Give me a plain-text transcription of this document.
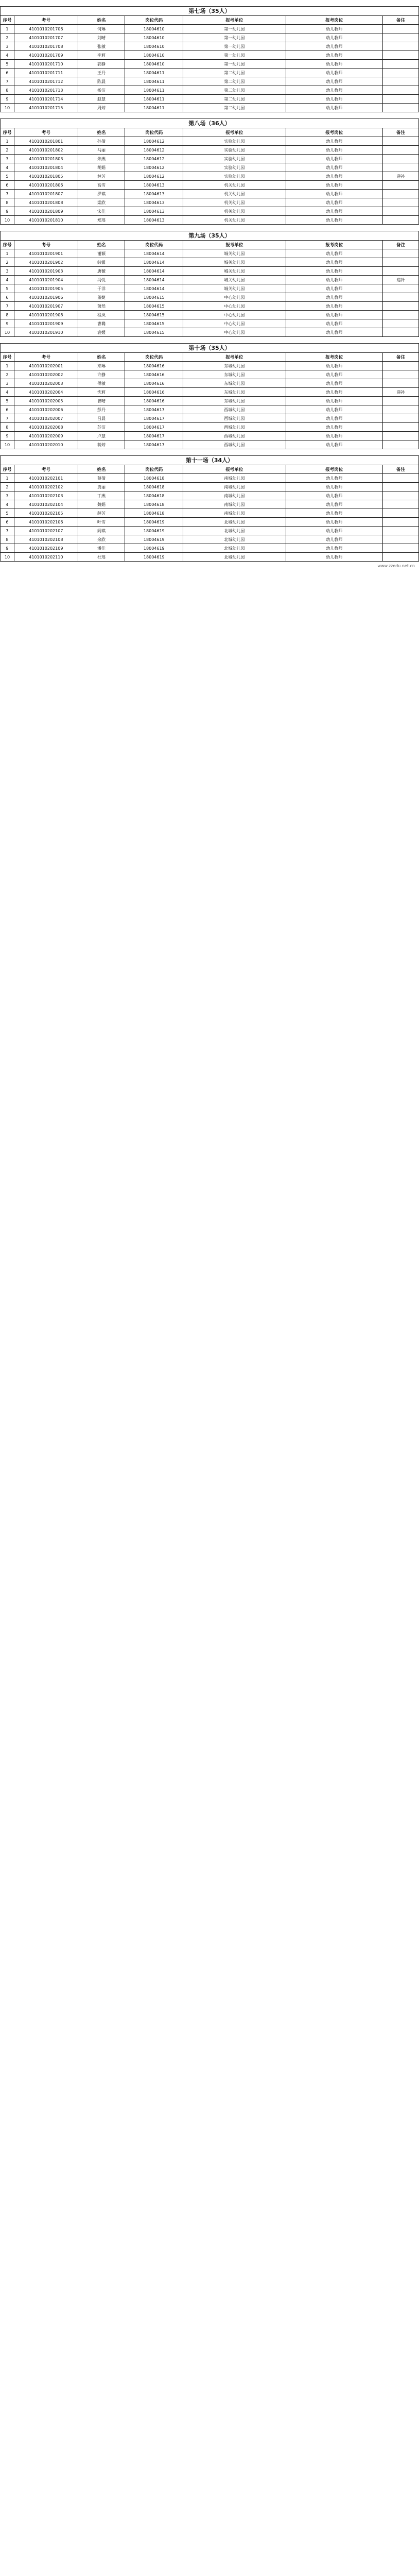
第七场（35人）
序号	考号	姓名	岗位代码	报考单位	报考岗位	备注
1	4101010201706	何琳	18004610	第一幼儿园	幼儿教师	
2	4101010201707	刘晴	18004610	第一幼儿园	幼儿教师	
3	4101010201708	张敏	18004610	第一幼儿园	幼儿教师	
4	4101010201709	李莉	18004610	第一幼儿园	幼儿教师	
5	4101010201710	郭静	18004610	第一幼儿园	幼儿教师	
6	4101010201711	王丹	18004611	第二幼儿园	幼儿教师	
7	4101010201712	陈晨	18004611	第二幼儿园	幼儿教师	
8	4101010201713	杨洁	18004611	第二幼儿园	幼儿教师	
9	4101010201714	赵慧	18004611	第二幼儿园	幼儿教师	
10	4101010201715	周婷	18004611	第二幼儿园	幼儿教师	
第八场（36人）
序号	考号	姓名	岗位代码	报考单位	报考岗位	备注
1	4101010201801	孙倩	18004612	实验幼儿园	幼儿教师	
2	4101010201802	马丽	18004612	实验幼儿园	幼儿教师	
3	4101010201803	朱燕	18004612	实验幼儿园	幼儿教师	
4	4101010201804	胡娟	18004612	实验幼儿园	幼儿教师	
5	4101010201805	林芳	18004612	实验幼儿园	幼儿教师	递补
6	4101010201806	高雪	18004613	机关幼儿园	幼儿教师	
7	4101010201807	罗琪	18004613	机关幼儿园	幼儿教师	
8	4101010201808	梁欣	18004613	机关幼儿园	幼儿教师	
9	4101010201809	宋佳	18004613	机关幼儿园	幼儿教师	
10	4101010201810	郑瑶	18004613	机关幼儿园	幼儿教师	
第九场（35人）
序号	考号	姓名	岗位代码	报考单位	报考岗位	备注
1	4101010201901	谢颖	18004614	城关幼儿园	幼儿教师	
2	4101010201902	韩露	18004614	城关幼儿园	幼儿教师	
3	4101010201903	唐薇	18004614	城关幼儿园	幼儿教师	
4	4101010201904	冯悦	18004614	城关幼儿园	幼儿教师	递补
5	4101010201905	于洋	18004614	城关幼儿园	幼儿教师	
6	4101010201906	董婕	18004615	中心幼儿园	幼儿教师	
7	4101010201907	萧然	18004615	中心幼儿园	幼儿教师	
8	4101010201908	程岚	18004615	中心幼儿园	幼儿教师	
9	4101010201909	曹璐	18004615	中心幼儿园	幼儿教师	
10	4101010201910	袁媛	18004615	中心幼儿园	幼儿教师	
第十场（35人）
序号	考号	姓名	岗位代码	报考单位	报考岗位	备注
1	4101010202001	邓琳	18004616	东城幼儿园	幼儿教师	
2	4101010202002	许静	18004616	东城幼儿园	幼儿教师	
3	4101010202003	傅敏	18004616	东城幼儿园	幼儿教师	
4	4101010202004	沈莉	18004616	东城幼儿园	幼儿教师	递补
5	4101010202005	曾晴	18004616	东城幼儿园	幼儿教师	
6	4101010202006	彭丹	18004617	西城幼儿园	幼儿教师	
7	4101010202007	吕晨	18004617	西城幼儿园	幼儿教师	
8	4101010202008	苏洁	18004617	西城幼儿园	幼儿教师	
9	4101010202009	卢慧	18004617	西城幼儿园	幼儿教师	
10	4101010202010	蒋婷	18004617	西城幼儿园	幼儿教师	
第十一场（34人）
序号	考号	姓名	岗位代码	报考单位	报考岗位	备注
1	4101010202101	蔡倩	18004618	南城幼儿园	幼儿教师	
2	4101010202102	贾丽	18004618	南城幼儿园	幼儿教师	
3	4101010202103	丁燕	18004618	南城幼儿园	幼儿教师	
4	4101010202104	魏娟	18004618	南城幼儿园	幼儿教师	
5	4101010202105	薛芳	18004618	南城幼儿园	幼儿教师	
6	4101010202106	叶雪	18004619	北城幼儿园	幼儿教师	
7	4101010202107	阎琪	18004619	北城幼儿园	幼儿教师	
8	4101010202108	余欣	18004619	北城幼儿园	幼儿教师	
9	4101010202109	潘佳	18004619	北城幼儿园	幼儿教师	
10	4101010202110	杜瑶	18004619	北城幼儿园	幼儿教师	
www.zzedu.net.cn
